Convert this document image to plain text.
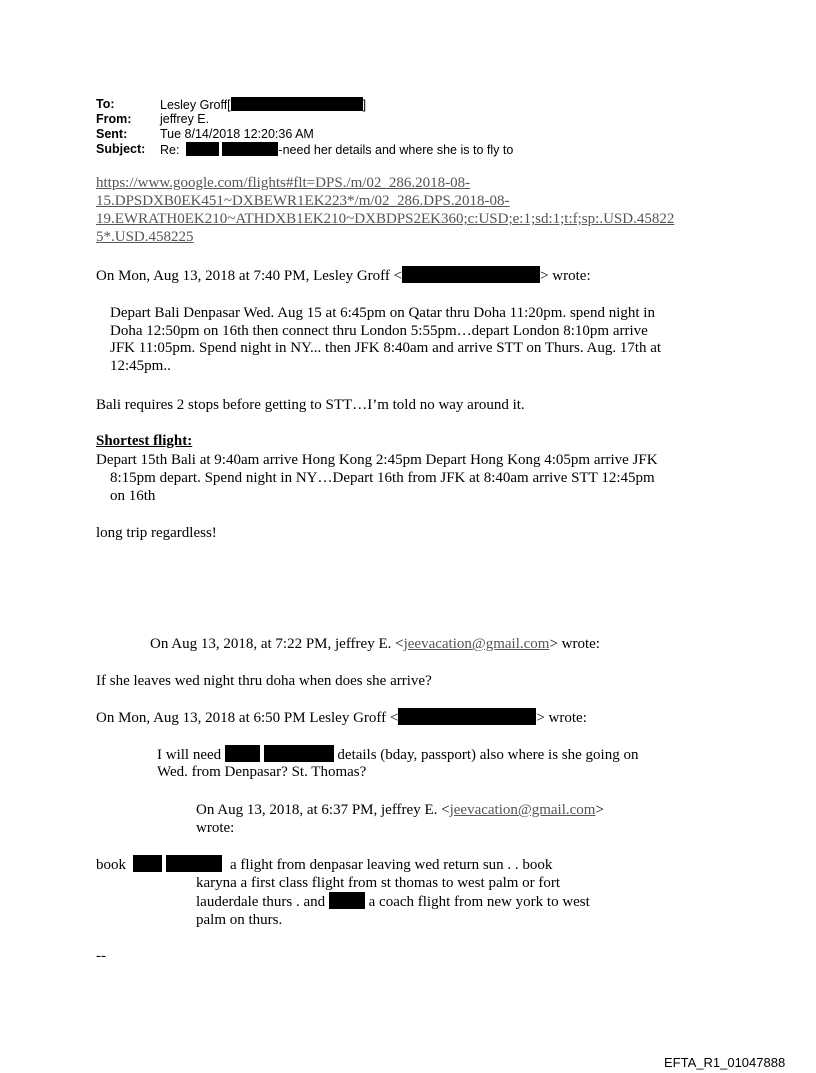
To:	Lesley Groff[	]
From: jeffrey E.
Sent:	Tue 8/14/2018 12:20:36 AM
Subject: Re:	-need her details and where she is to fly to
https://www.google.com/flights#flt=DPS./m/02_286.2018-08-
15.DPSDXB0EK451~DXBEWR1EK223*/m/02_286.DPS.2018-08-
19.EWRATH0EK210~ATHDXB1EK210~DXBDPS2EK360;c:USD;e:1;sd:1;t:f;sp:.USD.45822
5*.USD.458225
On Mon, Aug 13, 2018 at 7:40 PM, Lesley Groff <	> wrote:
Depart Bali Denpasar Wed. Aug 15 at 6:45pm on Qatar thru Doha 11:20pm. spend night in
Doha 12:50pm on 16th then connect thru London 5:55pm…depart London 8:10pm arrive
JFK 11:05pm. Spend night in NY... then JFK 8:40am and arrive STT on Thurs. Aug. 17th at
12:45pm..
Bali requires 2 stops before getting to STT…I’m told no way around it.
Shortest flight:
Depart 15th Bali at 9:40am arrive Hong Kong 2:45pm Depart Hong Kong 4:05pm arrive JFK
8:15pm depart. Spend night in NY…Depart 16th from JFK at 8:40am arrive STT 12:45pm
on 16th
long trip regardless!
On Aug 13, 2018, at 7:22 PM, jeffrey E. <jeevacation@gmail.com> wrote:
If she leaves wed night thru doha when does she arrive?
On Mon, Aug 13, 2018 at 6:50 PM Lesley Groff <	> wrote:
I will need	details (bday, passport) also where is she going on
Wed. from Denpasar? St. Thomas?
On Aug 13, 2018, at 6:37 PM, jeffrey E. <jeevacation@gmail.com>
wrote:
book	a flight from denpasar leaving wed return sun . . book
karyna a first class flight from st thomas to west palm or fort
lauderdale thurs . and	a coach flight from new york to west
palm on thurs.
--
EFTA_R1_01047888
